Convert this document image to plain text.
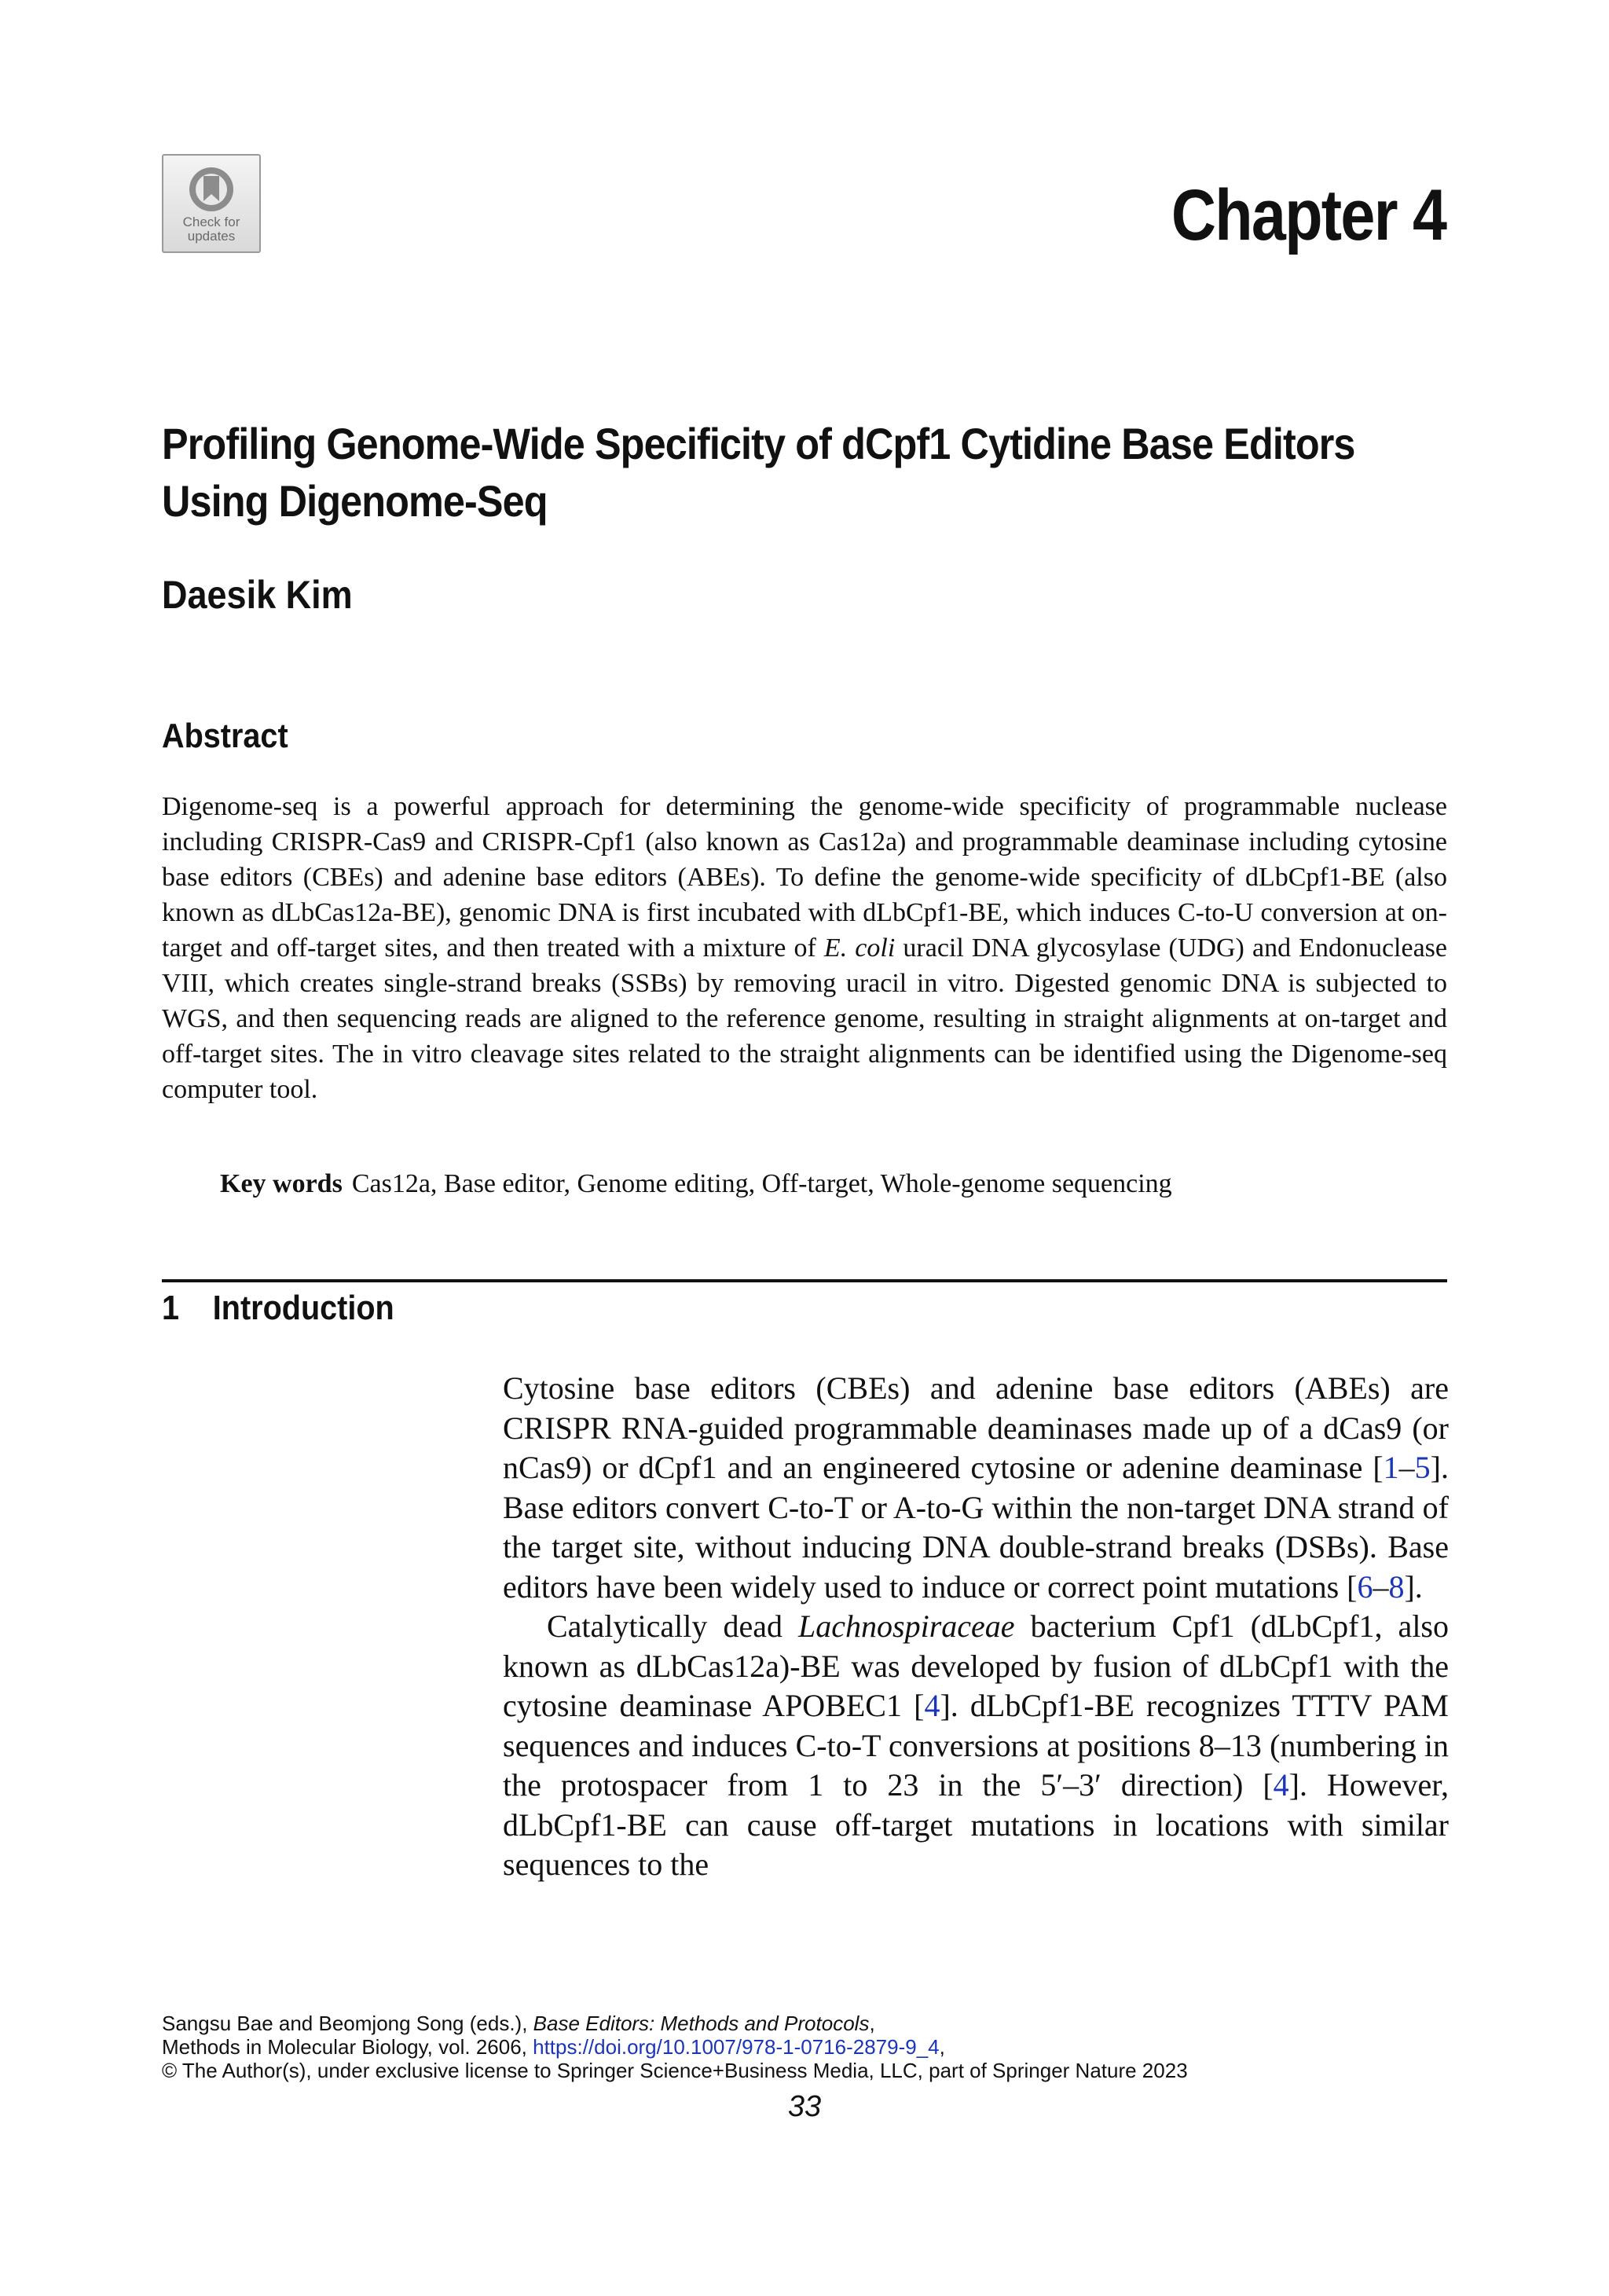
Check for
updates	Chapter 4
Profiling Genome-Wide Specificity of dCpf1 Cytidine Base Editors Using Digenome-Seq
Daesik Kim
Abstract

Digenome-seq is a powerful approach for determining the genome-wide specificity of programmable nuclease including CRISPR-Cas9 and CRISPR-Cpf1 (also known as Cas12a) and programmable deaminase including cytosine base editors (CBEs) and adenine base editors (ABEs). To define the genome-wide specificity of dLbCpf1-BE (also known as dLbCas12a-BE), genomic DNA is first incubated with dLbCpf1-BE, which induces C-to-U conversion at on-target and off-target sites, and then treated with a mixture of E. coli uracil DNA glycosylase (UDG) and Endonuclease VIII, which creates single-strand breaks (SSBs) by removing uracil in vitro. Digested genomic DNA is subjected to WGS, and then sequencing reads are aligned to the reference genome, resulting in straight alignments at on-target and off-target sites. The in vitro cleavage sites related to the straight alignments can be identified using the Digenome-seq computer tool.

Key words Cas12a, Base editor, Genome editing, Off-target, Whole-genome sequencing

1 Introduction

Cytosine base editors (CBEs) and adenine base editors (ABEs) are CRISPR RNA-guided programmable deaminases made up of a dCas9 (or nCas9) or dCpf1 and an engineered cytosine or adenine deaminase [1–5]. Base editors convert C-to-T or A-to-G within the non-target DNA strand of the target site, without inducing DNA double-strand breaks (DSBs). Base editors have been widely used to induce or correct point mutations [6–8].

Catalytically dead Lachnospiraceae bacterium Cpf1 (dLbCpf1, also known as dLbCas12a)-BE was developed by fusion of dLbCpf1 with the cytosine deaminase APOBEC1 [4]. dLbCpf1-BE recognizes TTTV PAM sequences and induces C-to-T conversions at positions 8–13 (numbering in the protospacer from 1 to 23 in the 5′–3′ direction) [4]. However, dLbCpf1-BE can cause off-target mutations in locations with similar sequences to the

Sangsu Bae and Beomjong Song (eds.), Base Editors: Methods and Protocols,
Methods in Molecular Biology, vol. 2606, https://doi.org/10.1007/978-1-0716-2879-9_4,
© The Author(s), under exclusive license to Springer Science+Business Media, LLC, part of Springer Nature 2023

33
